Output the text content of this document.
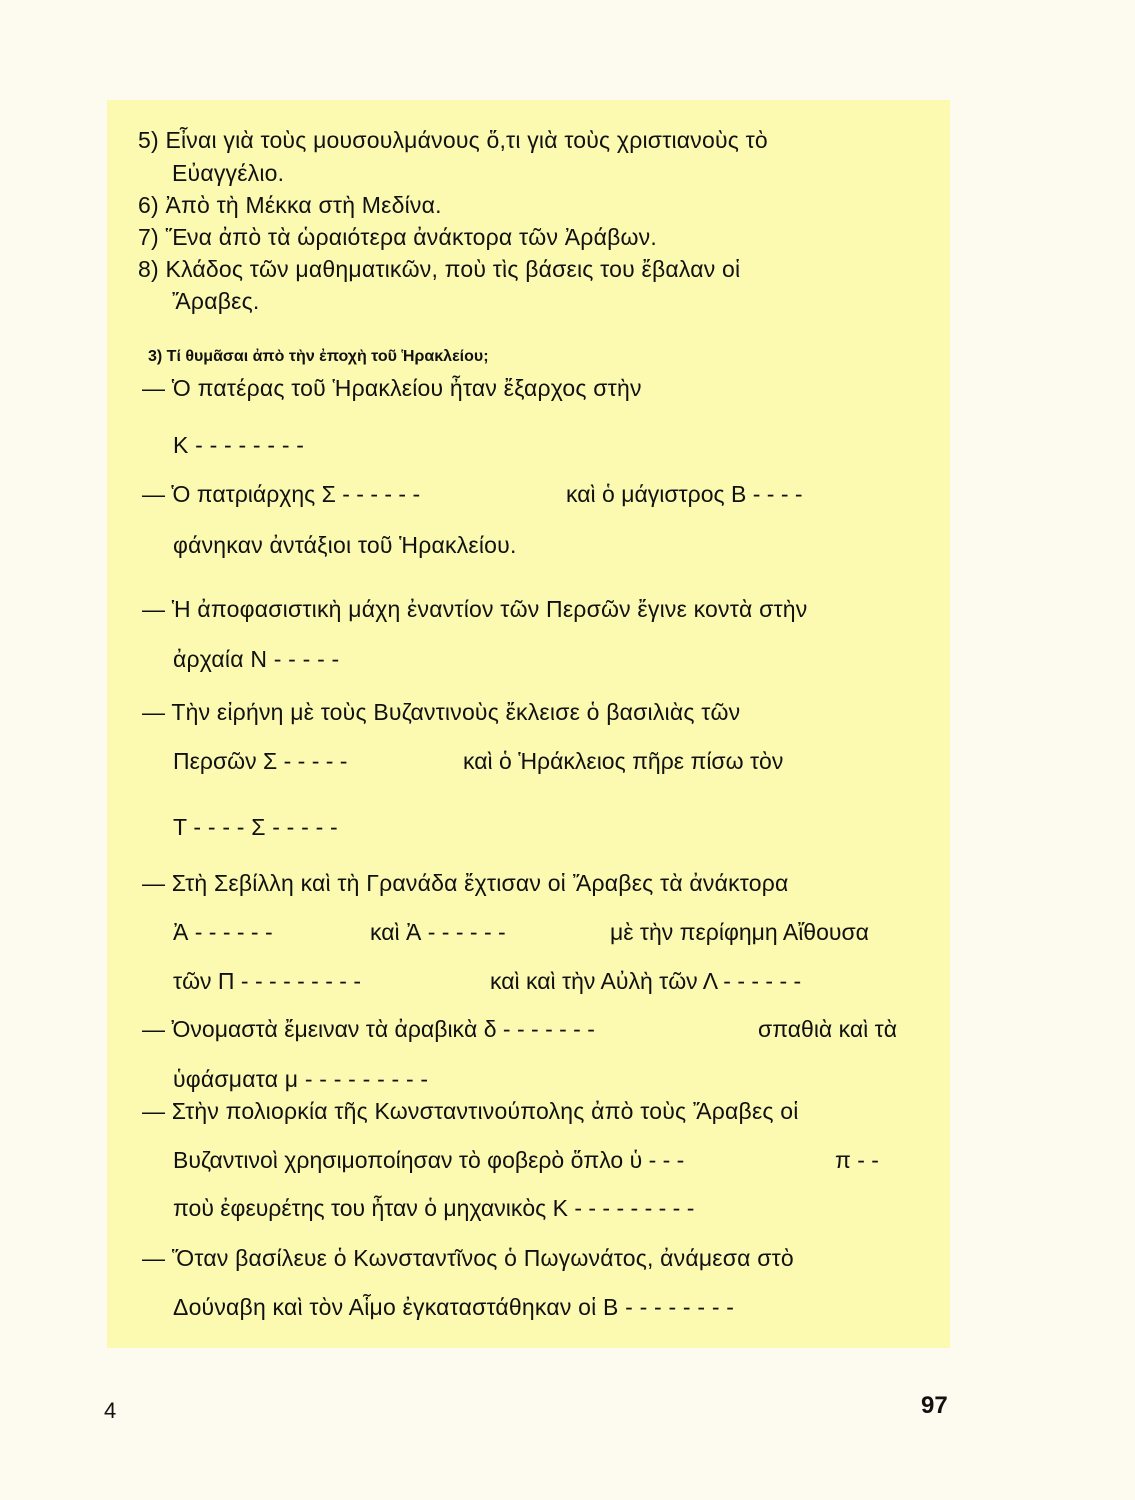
5) Εἶναι γιὰ τοὺς μουσουλμάνους ὅ,τι γιὰ τοὺς χριστιανοὺς τὸ
Εὐαγγέλιο.
6) Ἀπὸ τὴ Μέκκα στὴ Μεδίνα.
7) Ἕνα ἀπὸ τὰ ὡραιότερα ἀνάκτορα τῶν Ἀράβων.
8) Κλάδος τῶν μαθηματικῶν, ποὺ τὶς βάσεις του ἔβαλαν οἱ
Ἄραβες.
3) Τί θυμᾶσαι ἀπὸ τὴν ἐποχὴ τοῦ Ἡρακλείου;
— Ὁ πατέρας τοῦ Ἡρακλείου ἦταν ἔξαρχος στὴν
Κ - - - - - - - -
— Ὁ πατριάρχης Σ - - - - - -	καὶ ὁ μάγιστρος Β - - - -
φάνηκαν ἀντάξιοι τοῦ Ἡρακλείου.
— Ἡ ἀποφασιστικὴ μάχη ἐναντίον τῶν Περσῶν ἔγινε κοντὰ στὴν
ἀρχαία Ν - - - - -
— Τὴν εἰρήνη μὲ τοὺς Βυζαντινοὺς ἔκλεισε ὁ βασιλιὰς τῶν
Περσῶν Σ - - - - -	καὶ ὁ Ἡράκλειος πῆρε πίσω τὸν
Τ - - - - Σ - - - - -
— Στὴ Σεβίλλη καὶ τὴ Γρανάδα ἔχτισαν οἱ Ἄραβες τὰ ἀνάκτορα
Ἀ - - - - - -	καὶ Ἀ - - - - - -	μὲ τὴν περίφημη Αἴθουσα
τῶν Π - - - - - - - - -	καὶ καὶ τὴν Αὐλὴ τῶν Λ - - - - - -
— Ὀνομαστὰ ἔμειναν τὰ ἀραβικὰ δ - - - - - - -	σπαθιὰ καὶ τὰ
ὑφάσματα μ - - - - - - - - -
— Στὴν πολιορκία τῆς Κωνσταντινούπολης ἀπὸ τοὺς Ἄραβες οἱ
Βυζαντινοὶ χρησιμοποίησαν τὸ φοβερὸ ὅπλο ὑ - - -	π - -
ποὺ ἐφευρέτης του ἦταν ὁ μηχανικὸς Κ - - - - - - - - -
— Ὅταν βασίλευε ὁ Κωνσταντῖνος ὁ Πωγωνάτος, ἀνάμεσα στὸ
Δούναβη καὶ τὸν Αἷμο ἐγκαταστάθηκαν οἱ Β - - - - - - - -
4	97
